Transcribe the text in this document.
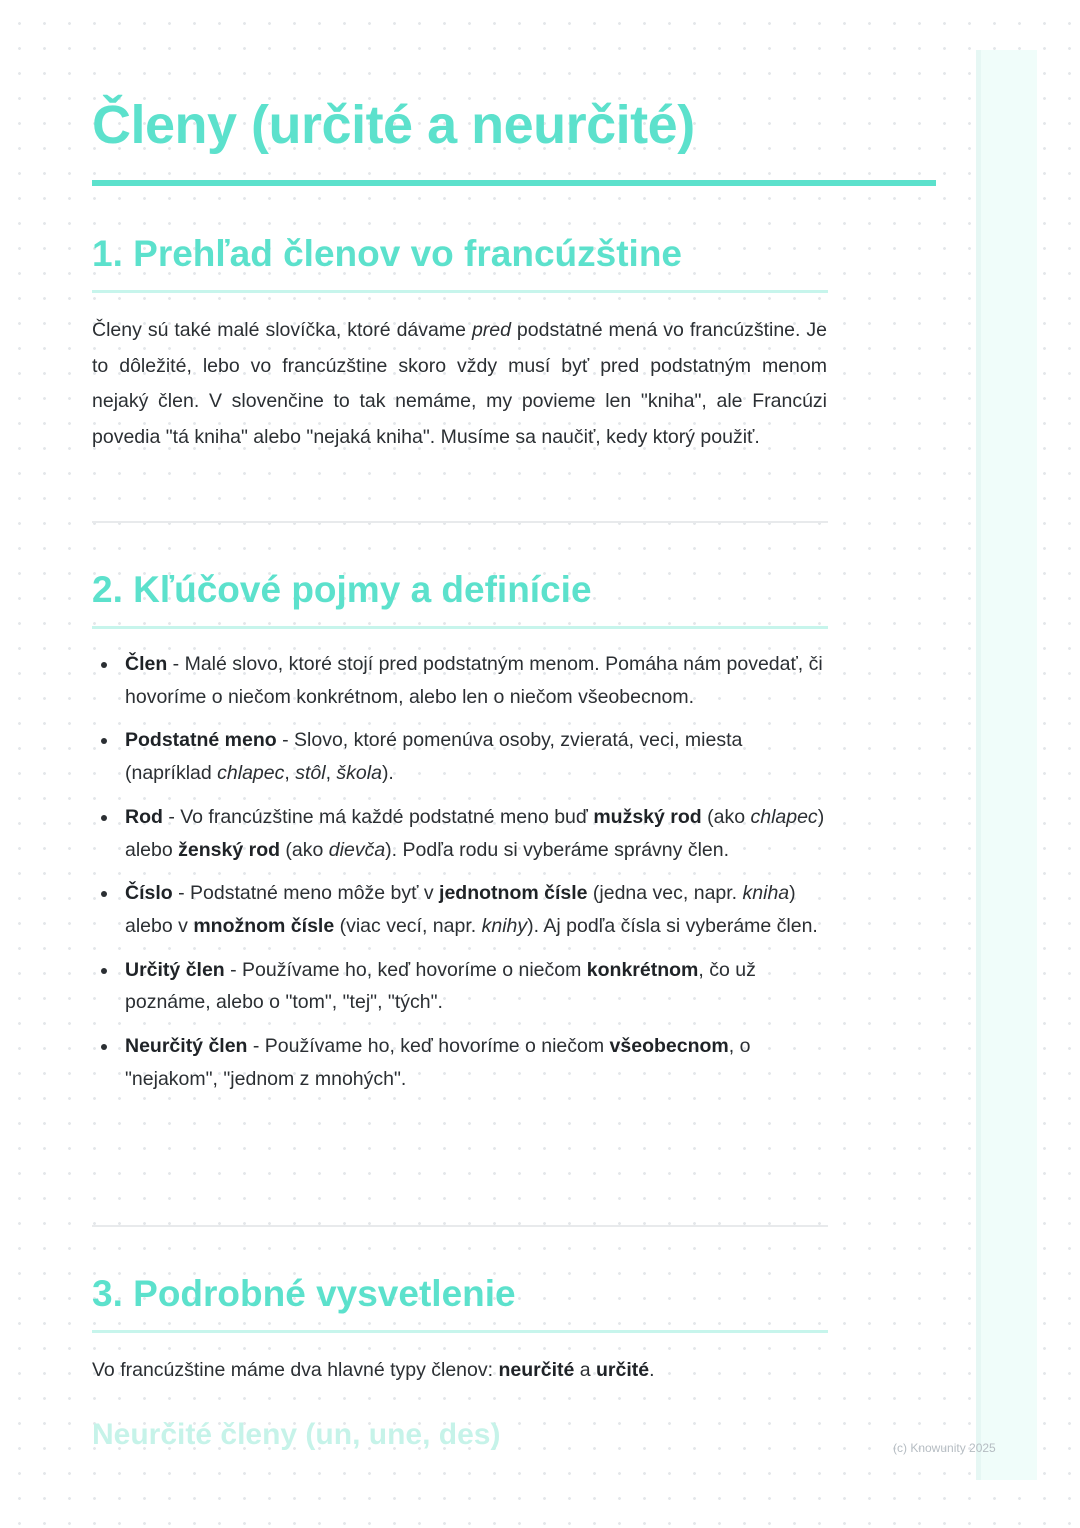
Členy (určité a neurčité)
1. Prehľad členov vo francúzštine

Členy sú také malé slovíčka, ktoré dávame pred podstatné mená vo francúzštine. Je to dôležité, lebo vo francúzštine skoro vždy musí byť pred podstatným menom nejaký člen. V slovenčine to tak nemáme, my povieme len "kniha", ale Francúzi povedia "tá kniha" alebo "nejaká kniha". Musíme sa naučiť, kedy ktorý použiť.

2. Kľúčové pojmy a definície
Člen - Malé slovo, ktoré stojí pred podstatným menom. Pomáha nám povedať, či hovoríme o niečom konkrétnom, alebo len o niečom všeobecnom.
Podstatné meno - Slovo, ktoré pomenúva osoby, zvieratá, veci, miesta (napríklad chlapec, stôl, škola).
Rod - Vo francúzštine má každé podstatné meno buď mužský rod (ako chlapec) alebo ženský rod (ako dievča). Podľa rodu si vyberáme správny člen.
Číslo - Podstatné meno môže byť v jednotnom čísle (jedna vec, napr. kniha) alebo v množnom čísle (viac vecí, napr. knihy). Aj podľa čísla si vyberáme člen.
Určitý člen - Používame ho, keď hovoríme o niečom konkrétnom, čo už poznáme, alebo o "tom", "tej", "tých".
Neurčitý člen - Používame ho, keď hovoríme o niečom všeobecnom, o "nejakom", "jednom z mnohých".
3. Podrobné vysvetlenie

Vo francúzštine máme dva hlavné typy členov: neurčité a určité.

Neurčité členy (un, une, des)	(c) Knowunity 2025
